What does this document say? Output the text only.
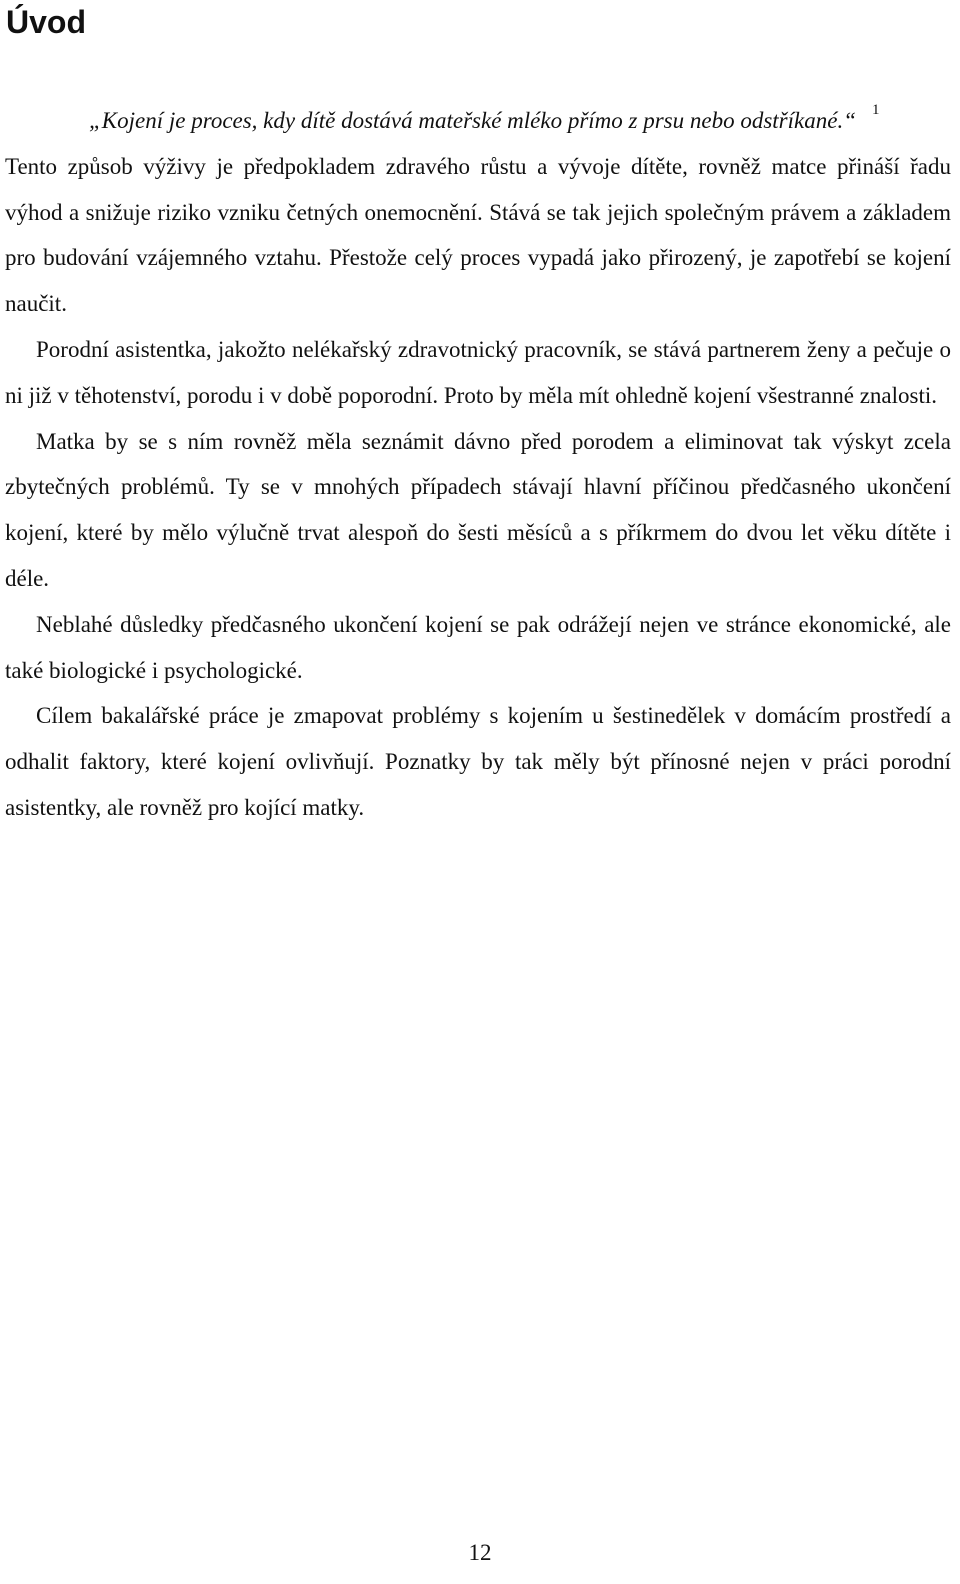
Úvod

„Kojení je proces, kdy dítě dostává mateřské mléko přímo z prsu nebo odstříkané.“ $^1$
Tento způsob výživy je předpokladem zdravého růstu a vývoje dítěte, rovněž matce přináší řadu výhod a snižuje riziko vzniku četných onemocnění. Stává se tak jejich společným právem a základem pro budování vzájemného vztahu. Přestože celý proces vypadá jako přirozený, je zapotřebí se kojení naučit.

Porodní asistentka, jakožto nelékařský zdravotnický pracovník, se stává partnerem ženy a pečuje o ni již v těhotenství, porodu i v době poporodní. Proto by měla mít ohledně kojení všestranné znalosti.

Matka by se s ním rovněž měla seznámit dávno před porodem a eliminovat tak výskyt zcela zbytečných problémů. Ty se v mnohých případech stávají hlavní příčinou předčasného ukončení kojení, které by mělo výlučně trvat alespoň do šesti měsíců a s příkrmem do dvou let věku dítěte i déle.

Neblahé důsledky předčasného ukončení kojení se pak odrážejí nejen ve stránce ekonomické, ale také biologické i psychologické.

Cílem bakalářské práce je zmapovat problémy s kojením u šestinedělek v domácím prostředí a odhalit faktory, které kojení ovlivňují. Poznatky by tak měly být přínosné nejen v práci porodní asistentky, ale rovněž pro kojící matky.

12
